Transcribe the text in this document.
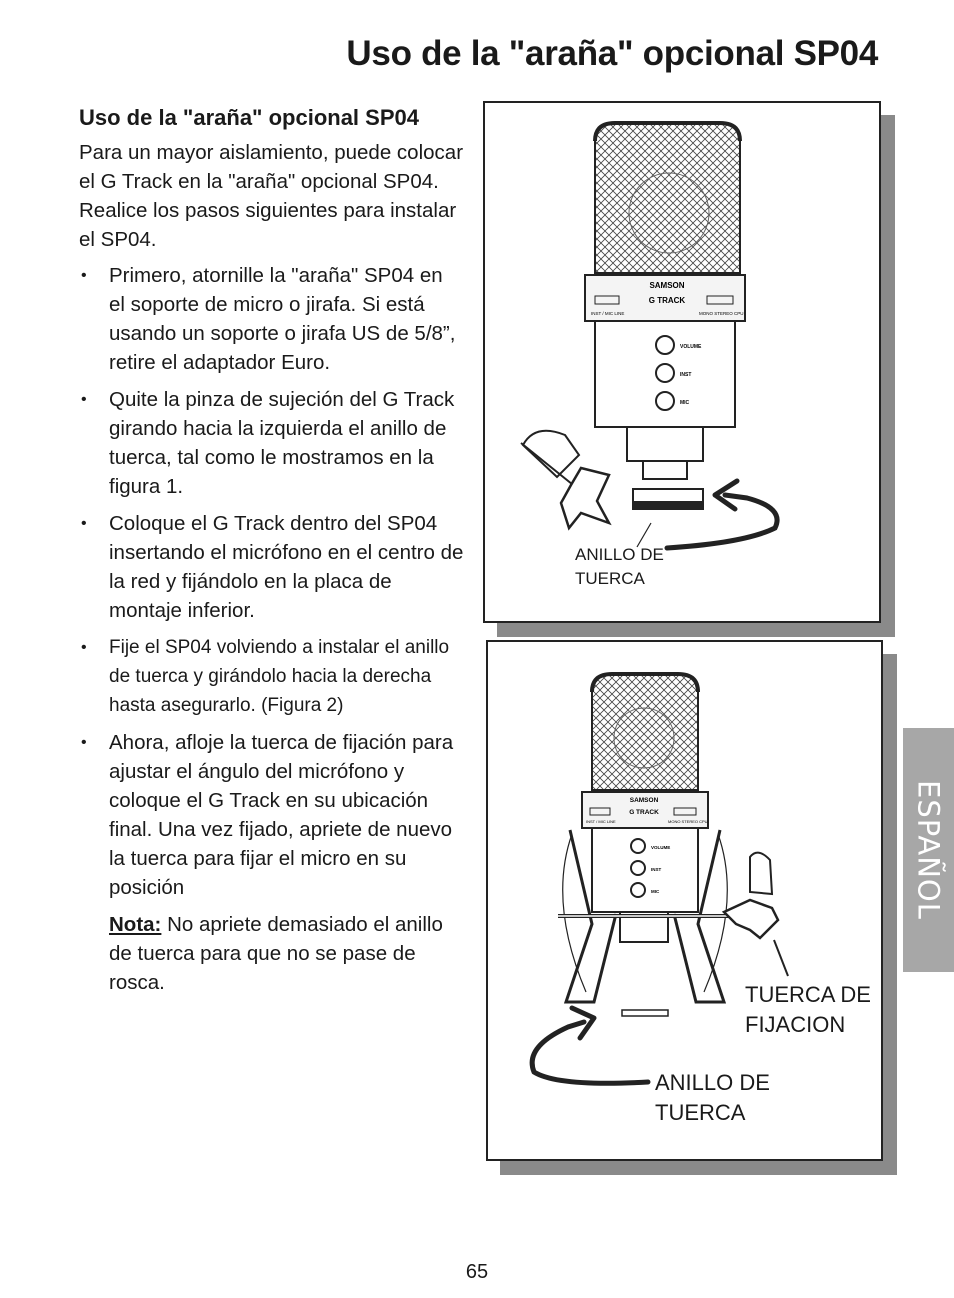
Uso de la "araña" opcional SP04
Uso de la "araña" opcional SP04

Para un mayor aislamiento, puede colocar el G Track en la "araña" opcional SP04. Realice los pasos siguientes para instalar el SP04.

• Primero, atornille la "araña" SP04 en el soporte de micro o jirafa. Si está usando un soporte o jirafa US de 5/8”, retire el adaptador Euro.
• Quite la pinza de sujeción del G Track girando hacia la izquierda el anillo de tuerca, tal como le mostramos en la figura 1.
• Coloque el G Track dentro del SP04 insertando el micrófono en el centro de la red y fijándolo en la placa de montaje inferior.
• Fije el SP04 volviendo a instalar el anillo de tuerca y girándolo hacia la derecha hasta asegurarlo. (Figura 2)
• Ahora, afloje la tuerca de fijación para ajustar el ángulo del micrófono y coloque el G Track en su ubicación final. Una vez fijado, apriete de nuevo la tuerca para fijar el micro en su posición

Nota: No apriete demasiado el anillo de tuerca para que no se pase de rosca.

SAMSON
G TRACK
INST / MIC LINE	MONO STEREO CPU
VOLUME
INST
MIC

ANILLO DE
TUERCA

SAMSON
G TRACK
INST / MIC LINE	MONO STEREO CPU
VOLUME
INST
MIC

TUERCA DE
FIJACION

ANILLO DE
TUERCA

ESPAÑOL

65
